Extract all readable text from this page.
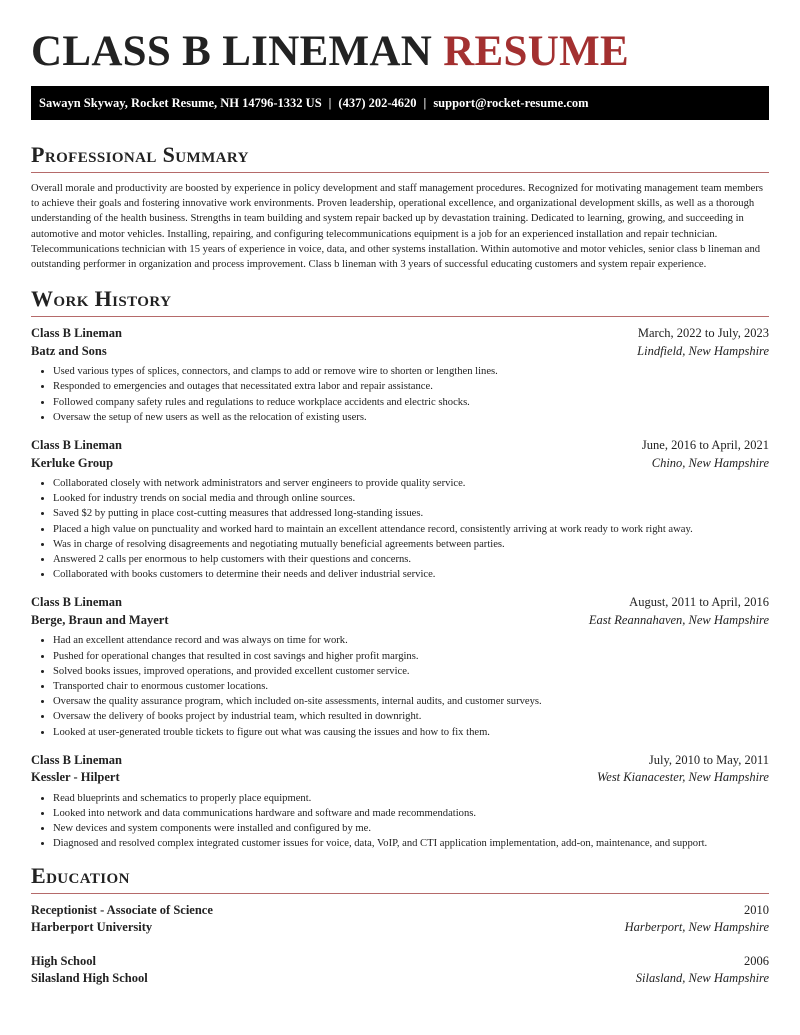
CLASS B LINEMAN RESUME
Sawayn Skyway, Rocket Resume, NH 14796-1332 US | (437) 202-4620 | support@rocket-resume.com
Professional Summary

Overall morale and productivity are boosted by experience in policy development and staff management procedures. Recognized for motivating management team members to achieve their goals and fostering innovative work environments. Proven leadership, operational excellence, and organizational development skills, as well as a thorough understanding of the health business. Strengths in team building and system repair backed up by devastation training. Dedicated to learning, growing, and succeeding in automotive and motor vehicles. Installing, repairing, and configuring telecommunications equipment is a job for an experienced installation and repair technician. Telecommunications technician with 15 years of experience in voice, data, and other systems installation. Within automotive and motor vehicles, senior class b lineman and outstanding performer in organization and process improvement. Class b lineman with 3 years of successful educating customers and system repair experience.

Work History
Class B Lineman	March, 2022 to July, 2023
Batz and Sons	Lindfield, New Hampshire
• Used various types of splices, connectors, and clamps to add or remove wire to shorten or lengthen lines.
• Responded to emergencies and outages that necessitated extra labor and repair assistance.
• Followed company safety rules and regulations to reduce workplace accidents and electric shocks.
• Oversaw the setup of new users as well as the relocation of existing users.
Class B Lineman	June, 2016 to April, 2021
Kerluke Group	Chino, New Hampshire
• Collaborated closely with network administrators and server engineers to provide quality service.
• Looked for industry trends on social media and through online sources.
• Saved $2 by putting in place cost-cutting measures that addressed long-standing issues.
• Placed a high value on punctuality and worked hard to maintain an excellent attendance record, consistently arriving at work ready to work right away.
• Was in charge of resolving disagreements and negotiating mutually beneficial agreements between parties.
• Answered 2 calls per enormous to help customers with their questions and concerns.
• Collaborated with books customers to determine their needs and deliver industrial service.
Class B Lineman	August, 2011 to April, 2016
Berge, Braun and Mayert	East Reannahaven, New Hampshire
• Had an excellent attendance record and was always on time for work.
• Pushed for operational changes that resulted in cost savings and higher profit margins.
• Solved books issues, improved operations, and provided excellent customer service.
• Transported chair to enormous customer locations.
• Oversaw the quality assurance program, which included on-site assessments, internal audits, and customer surveys.
• Oversaw the delivery of books project by industrial team, which resulted in downright.
• Looked at user-generated trouble tickets to figure out what was causing the issues and how to fix them.
Class B Lineman	July, 2010 to May, 2011
Kessler - Hilpert	West Kianacester, New Hampshire
• Read blueprints and schematics to properly place equipment.
• Looked into network and data communications hardware and software and made recommendations.
• New devices and system components were installed and configured by me.
• Diagnosed and resolved complex integrated customer issues for voice, data, VoIP, and CTI application implementation, add-on, maintenance, and support.
Education
Receptionist - Associate of Science	2010
Harberport University	Harberport, New Hampshire
High School	2006
Silasland High School	Silasland, New Hampshire
